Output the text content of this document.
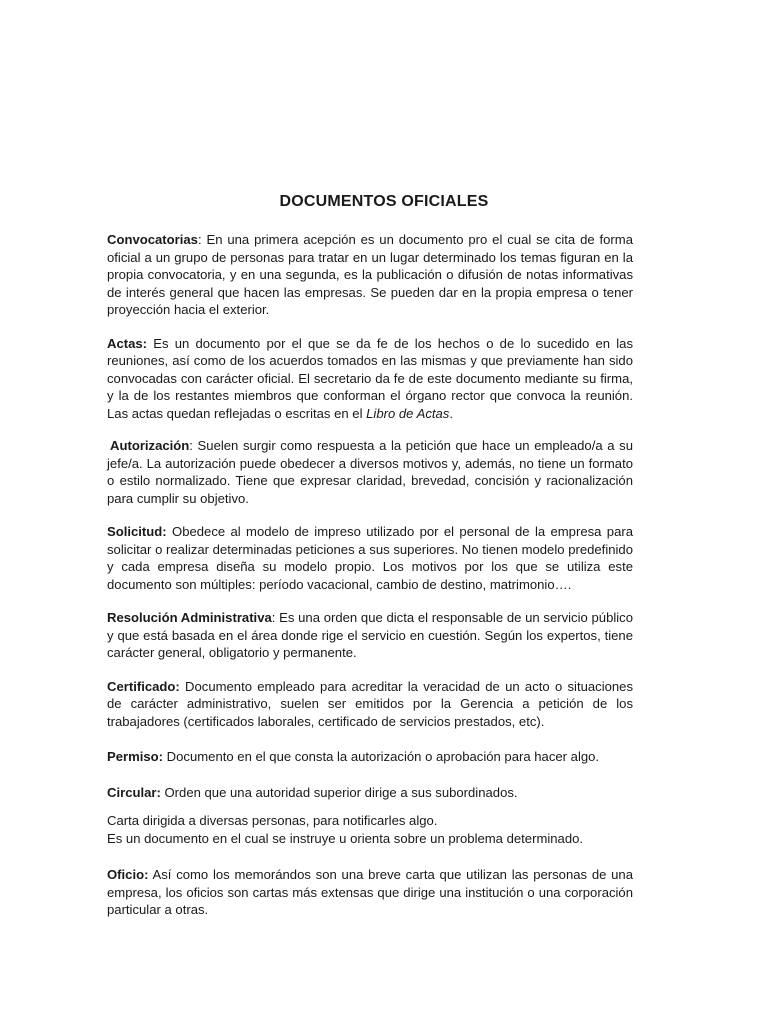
DOCUMENTOS OFICIALES

Convocatorias: En una primera acepción es un documento pro el cual se cita de forma oficial a un grupo de personas para tratar en un lugar determinado los temas figuran en la propia convocatoria, y en una segunda, es la publicación o difusión de notas informativas de interés general que hacen las empresas. Se pueden dar en la propia empresa o tener proyección hacia el exterior.

Actas: Es un documento por el que se da fe de los hechos o de lo sucedido en las reuniones, así como de los acuerdos tomados en las mismas y que previamente han sido convocadas con carácter oficial. El secretario da fe de este documento mediante su firma, y la de los restantes miembros que conforman el órgano rector que convoca la reunión. Las actas quedan reflejadas o escritas en el Libro de Actas.

Autorización: Suelen surgir como respuesta a la petición que hace un empleado/a a su jefe/a. La autorización puede obedecer a diversos motivos y, además, no tiene un formato o estilo normalizado. Tiene que expresar claridad, brevedad, concisión y racionalización para cumplir su objetivo.

Solicitud: Obedece al modelo de impreso utilizado por el personal de la empresa para solicitar o realizar determinadas peticiones a sus superiores. No tienen modelo predefinido y cada empresa diseña su modelo propio. Los motivos por los que se utiliza este documento son múltiples: período vacacional, cambio de destino, matrimonio….

Resolución Administrativa: Es una orden que dicta el responsable de un servicio público y que está basada en el área donde rige el servicio en cuestión. Según los expertos, tiene carácter general, obligatorio y permanente.

Certificado: Documento empleado para acreditar la veracidad de un acto o situaciones de carácter administrativo, suelen ser emitidos por la Gerencia a petición de los trabajadores (certificados laborales, certificado de servicios prestados, etc).

Permiso: Documento en el que consta la autorización o aprobación para hacer algo.

Circular: Orden que una autoridad superior dirige a sus subordinados.

Carta dirigida a diversas personas, para notificarles algo.

Es un documento en el cual se instruye u orienta sobre un problema determinado.

Oficio: Así como los memorándos son una breve carta que utilizan las personas de una empresa, los oficios son cartas más extensas que dirige una institución o una corporación particular a otras.
